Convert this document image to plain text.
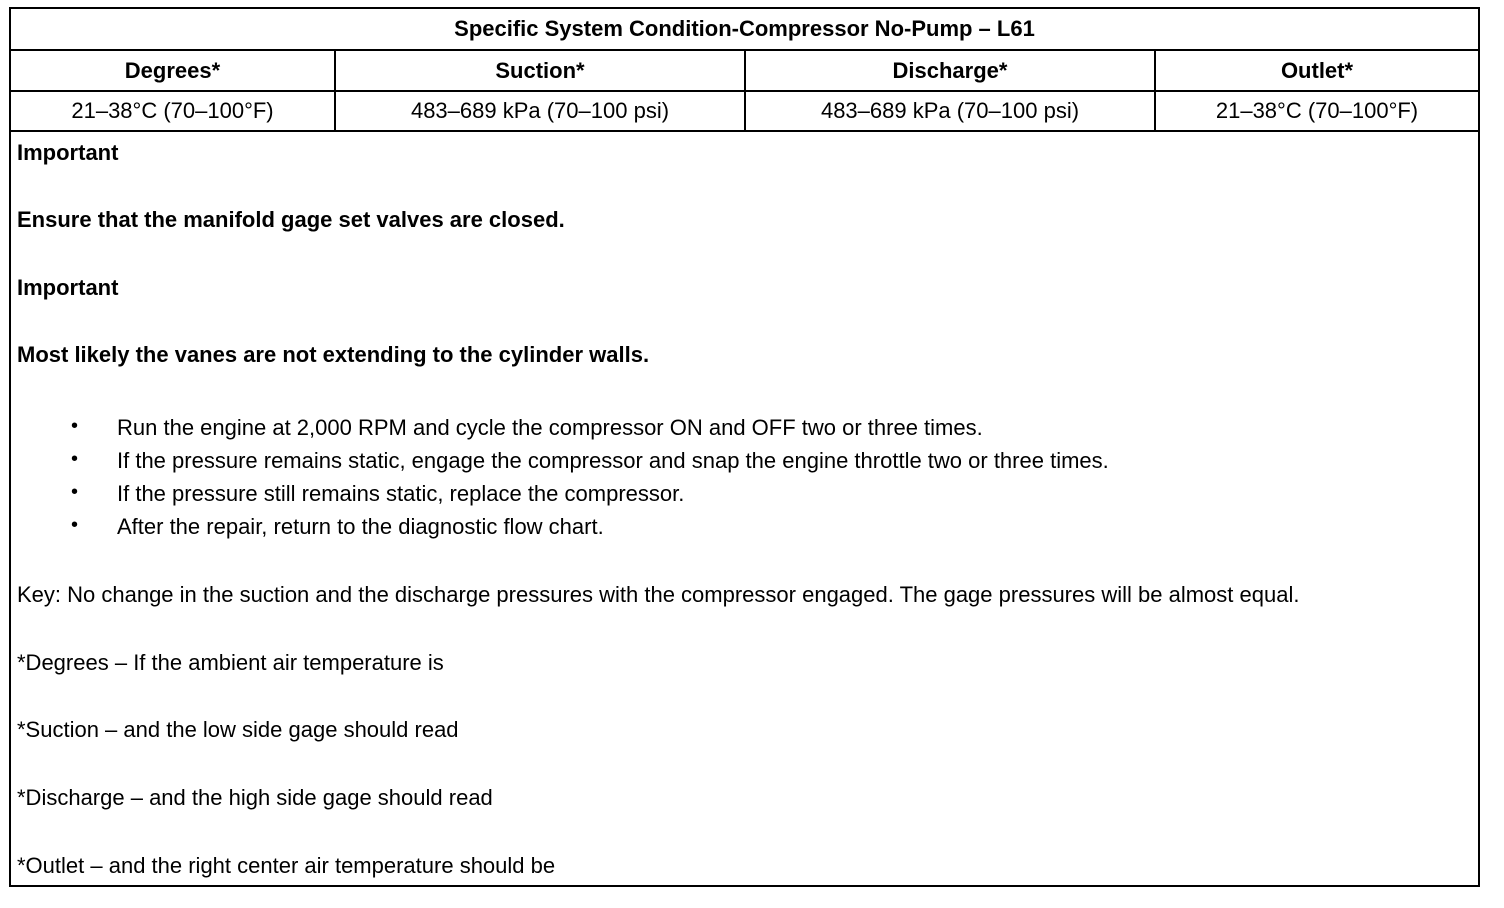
Specific System Condition-Compressor No-Pump – L61
Degrees*	Suction*	Discharge*	Outlet*
21–38°C (70–100°F)	483–689 kPa (70–100 psi)	483–689 kPa (70–100 psi)	21–38°C (70–100°F)
Important
Ensure that the manifold gage set valves are closed.
Important
Most likely the vanes are not extending to the cylinder walls.
• Run the engine at 2,000 RPM and cycle the compressor ON and OFF two or three times.
• If the pressure remains static, engage the compressor and snap the engine throttle two or three times.
• If the pressure still remains static, replace the compressor.
• After the repair, return to the diagnostic flow chart.
Key: No change in the suction and the discharge pressures with the compressor engaged. The gage pressures will be almost equal.
*Degrees – If the ambient air temperature is
*Suction – and the low side gage should read
*Discharge – and the high side gage should read
*Outlet – and the right center air temperature should be
